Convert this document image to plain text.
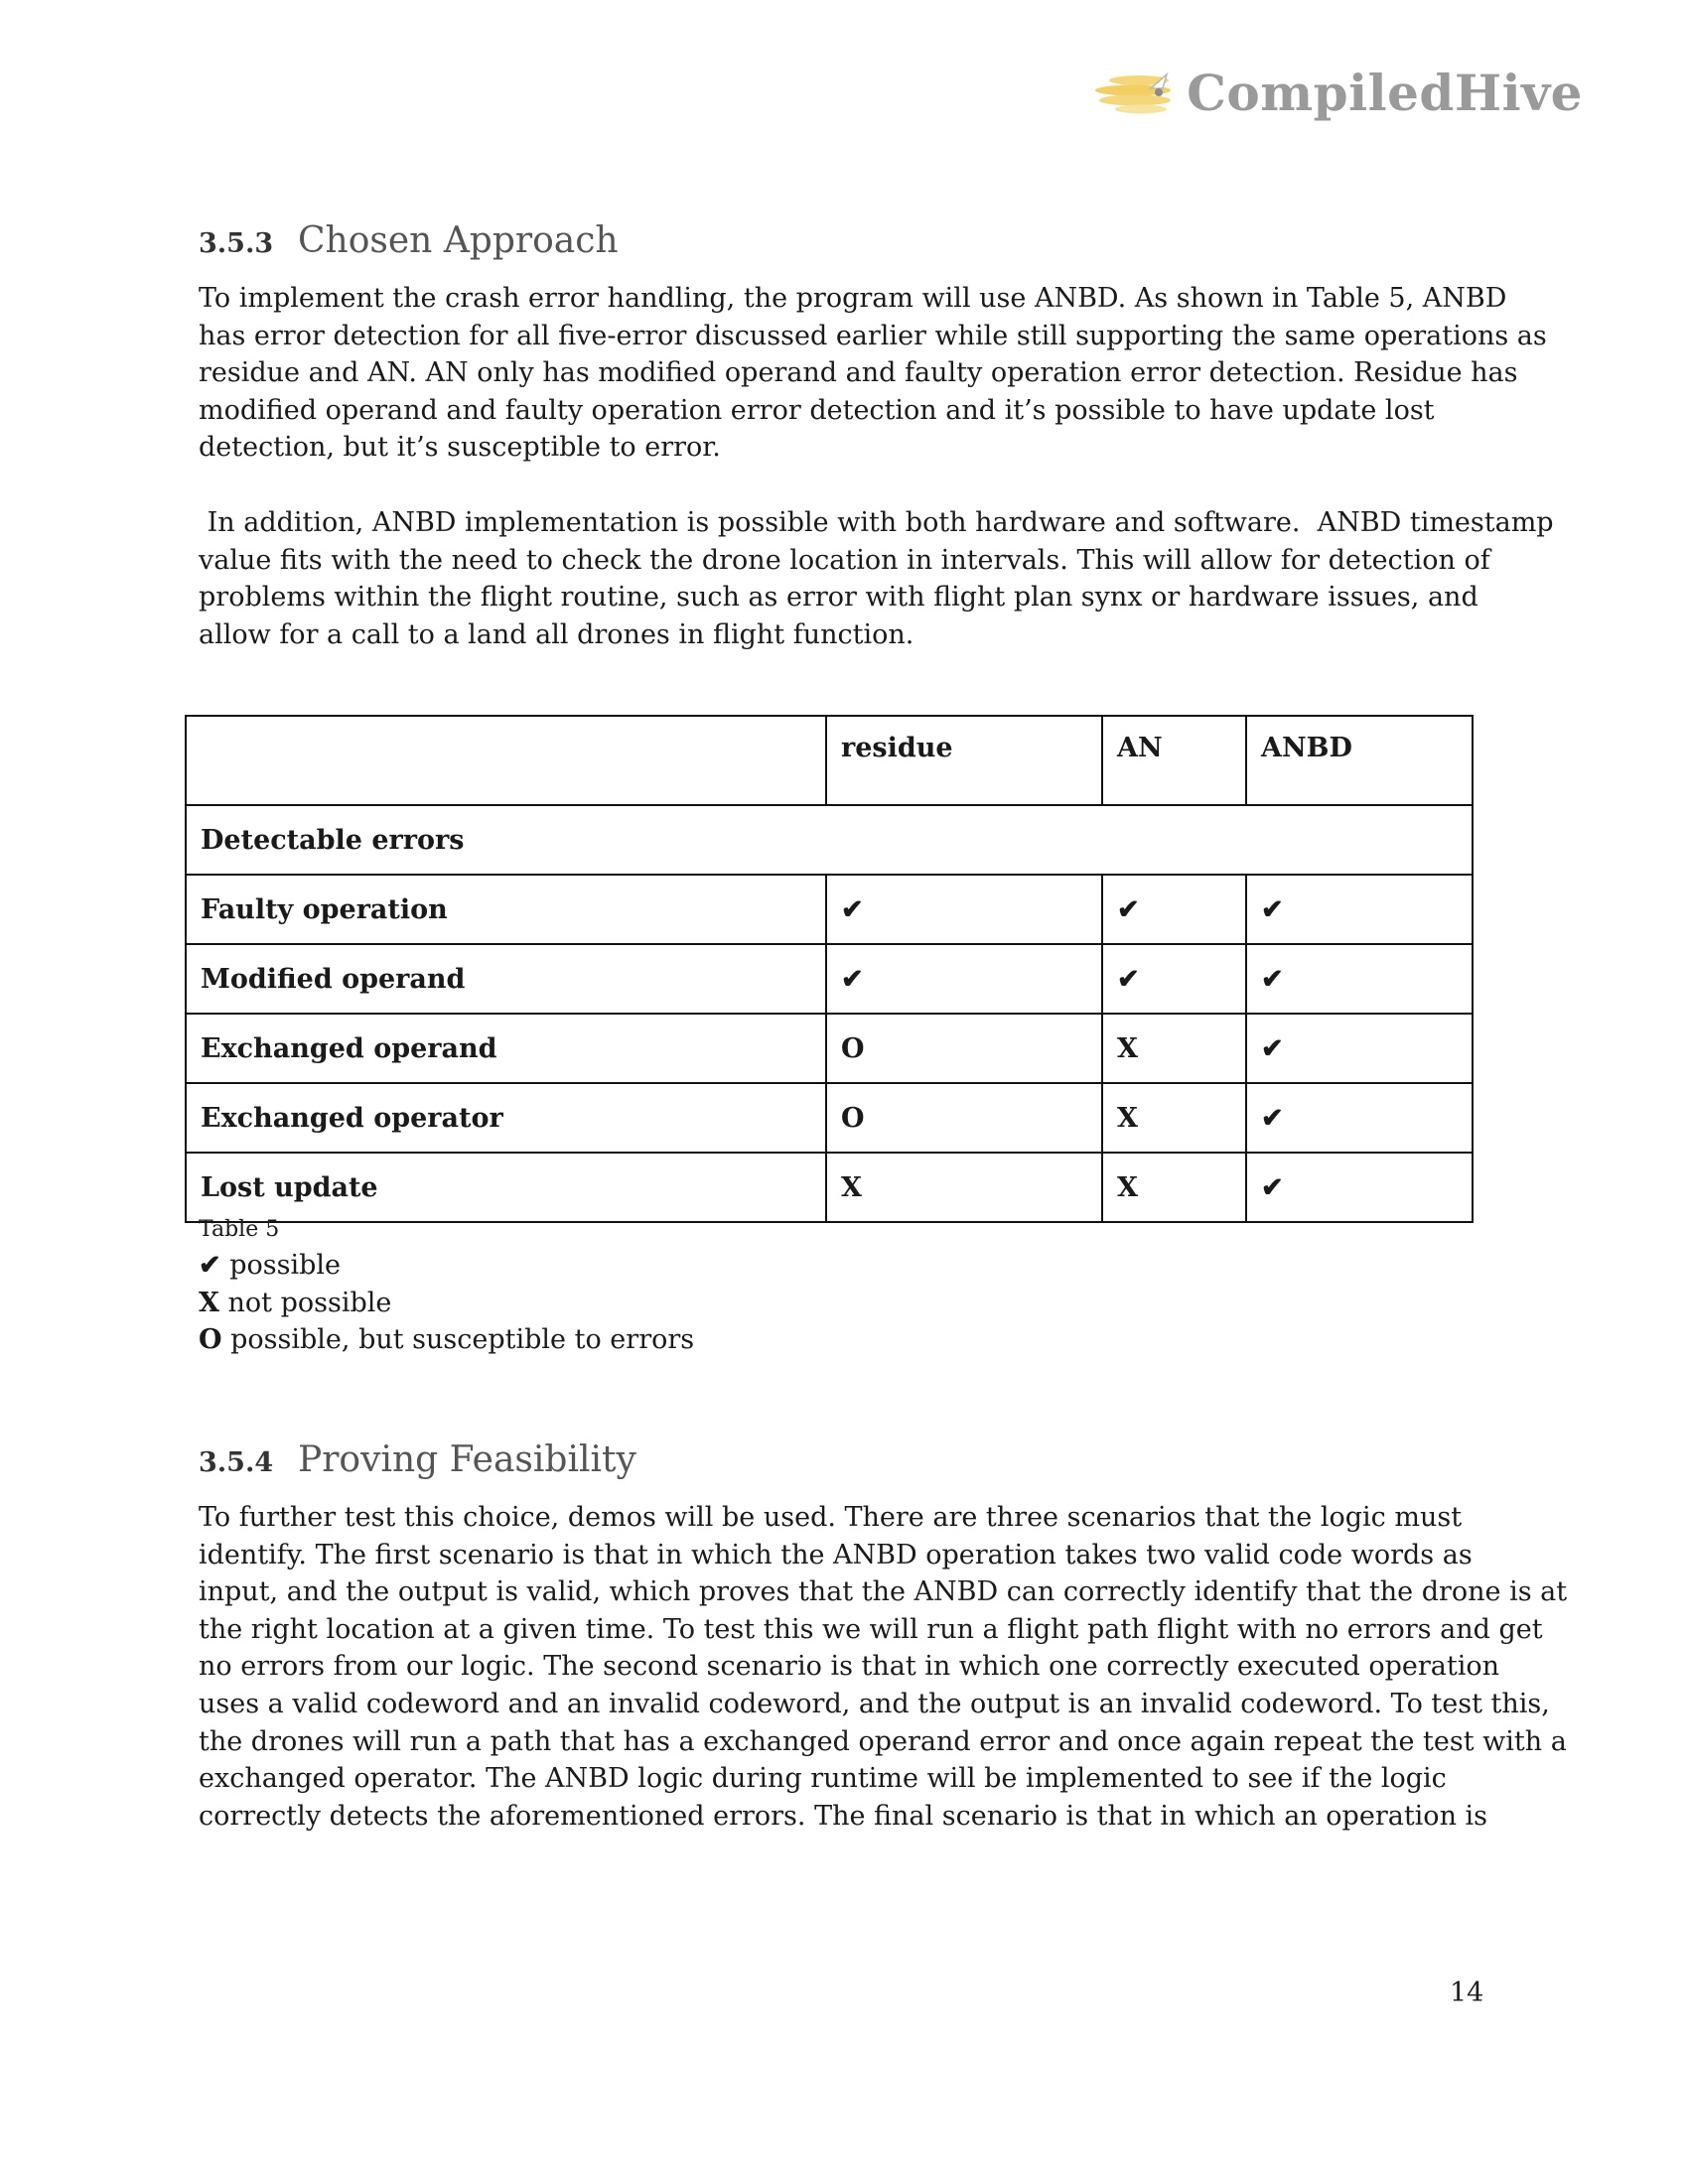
CompiledHive
3.5.3 Chosen Approach
To implement the crash error handling, the program will use ANBD. As shown in Table 5, ANBD
has error detection for all five-error discussed earlier while still supporting the same operations as
residue and AN. AN only has modified operand and faulty operation error detection. Residue has
modified operand and faulty operation error detection and it’s possible to have update lost
detection, but it’s susceptible to error.
In addition, ANBD implementation is possible with both hardware and software.  ANBD timestamp
value fits with the need to check the drone location in intervals. This will allow for detection of
problems within the flight routine, such as error with flight plan synx or hardware issues, and
allow for a call to a land all drones in flight function.
	residue	AN	ANBD
Detectable errors			
Faulty operation	✔	✔	✔
Modified operand	✔	✔	✔
Exchanged operand	O	X	✔
Exchanged operator	O	X	✔
Lost update	X	X	✔
Table 5
✔ possible
X not possible
O possible, but susceptible to errors
3.5.4 Proving Feasibility
To further test this choice, demos will be used. There are three scenarios that the logic must
identify. The first scenario is that in which the ANBD operation takes two valid code words as
input, and the output is valid, which proves that the ANBD can correctly identify that the drone is at
the right location at a given time. To test this we will run a flight path flight with no errors and get
no errors from our logic. The second scenario is that in which one correctly executed operation
uses a valid codeword and an invalid codeword, and the output is an invalid codeword. To test this,
the drones will run a path that has a exchanged operand error and once again repeat the test with a
exchanged operator. The ANBD logic during runtime will be implemented to see if the logic
correctly detects the aforementioned errors. The final scenario is that in which an operation is
14
